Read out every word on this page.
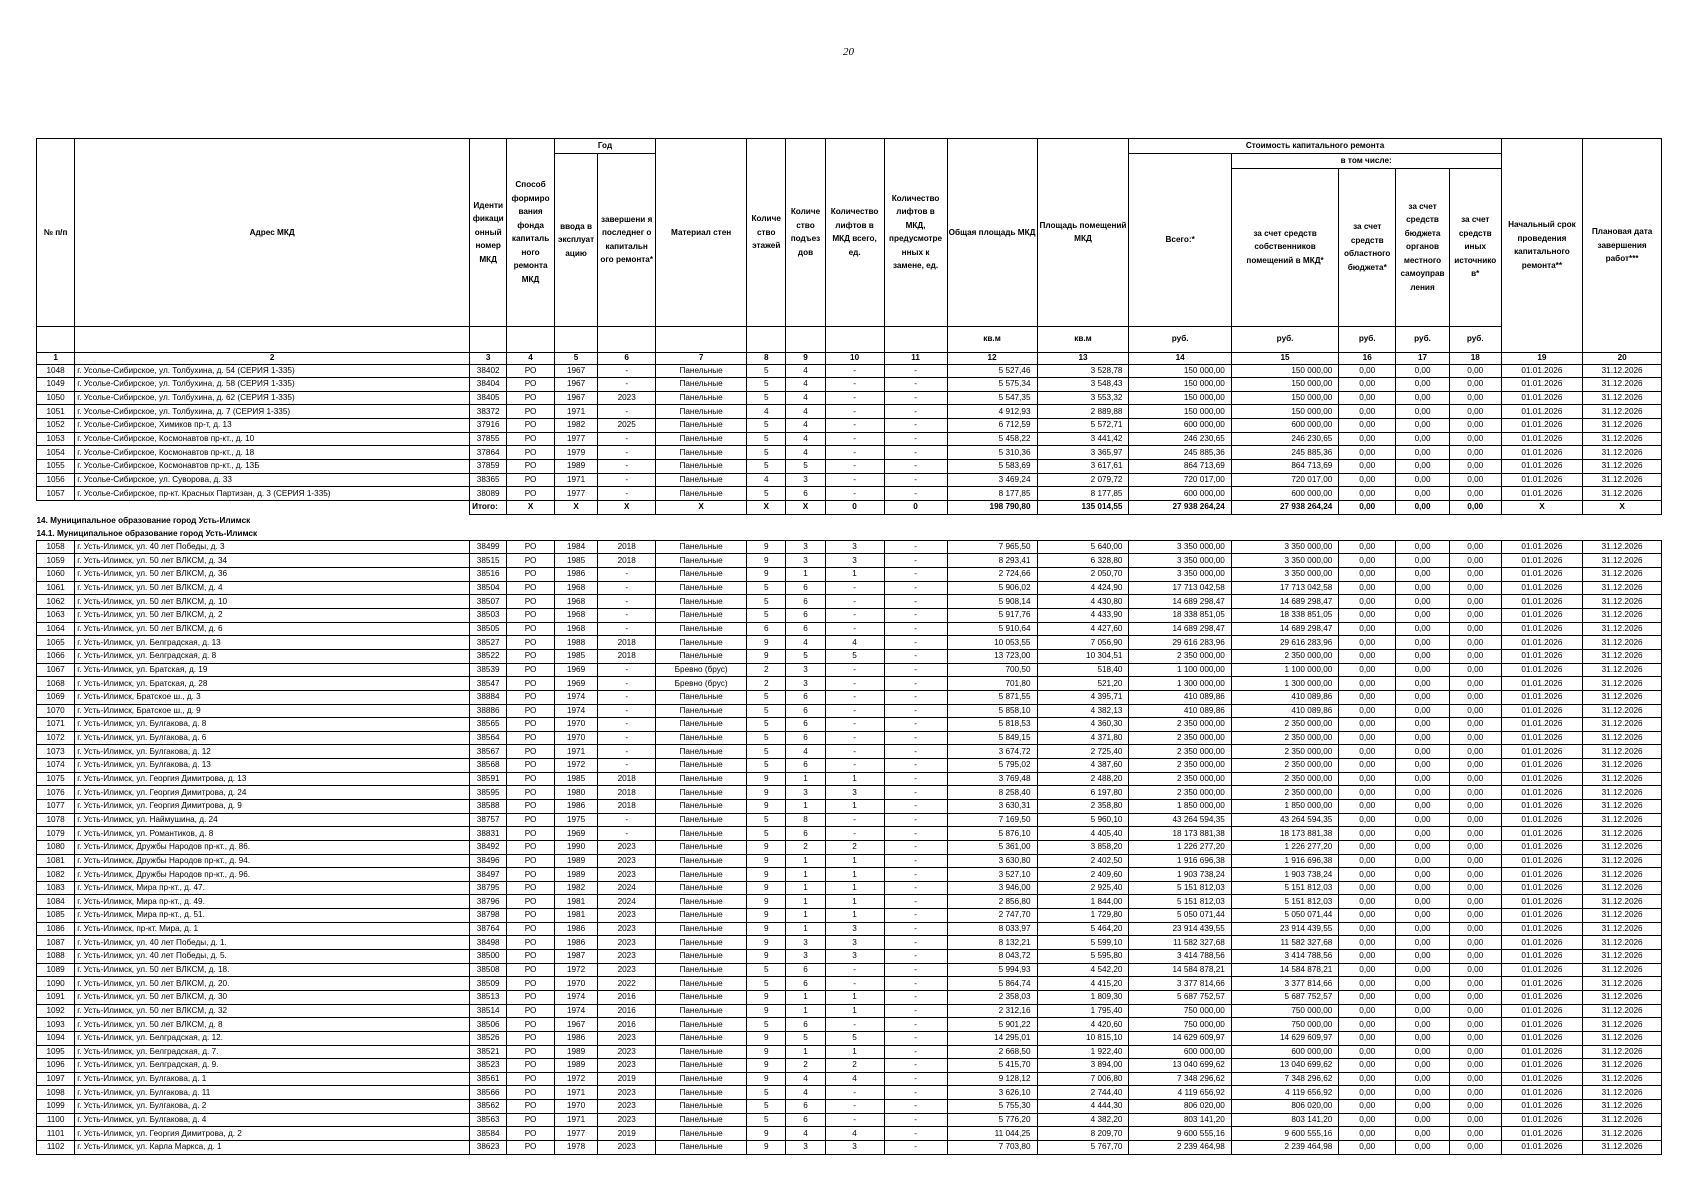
20
№ п/п	Адрес МКД	Иденти фикаци онный номер МКД	Способ формиро вания фонда капиталь ного ремонта МКД	Год		Материал стен	Количе ство этажей	Количе ство подъез дов	Количество лифтов в МКД всего, ед.	Количество лифтов в МКД, предусмотре нных к замене, ед.	Общая площадь МКД	Площадь помещений МКД	Стоимость капитального ремонта					Начальный срок проведения капитального ремонта**	Плановая дата завершения работ***
				ввода в эксплуат ацию	завершени я последнег о капитальн ого ремонта*								Всего:*	в том числе:					
														за счет средств собственников помещений в МКД*	за счет средств областного бюджета*	за счет средств бюджета органов местного самоуправ ления	за счет средств иных источнико в*		
											кв.м	кв.м	руб.	руб.	руб.	руб.	руб.		
1	2	3	4	5	6	7	8	9	10	11	12	13	14	15	16	17	18	19	20
1048	г. Усолье-Сибирское, ул. Толбухина, д. 54 (СЕРИЯ 1-335)	38402	РО	1967	-	Панельные	5	4	-	-	5 527,46	3 528,78	150 000,00	150 000,00	0,00	0,00	0,00	01.01.2026	31.12.2026
1049	г. Усолье-Сибирское, ул. Толбухина, д. 58 (СЕРИЯ 1-335)	38404	РО	1967	-	Панельные	5	4	-	-	5 575,34	3 548,43	150 000,00	150 000,00	0,00	0,00	0,00	01.01.2026	31.12.2026
1050	г. Усолье-Сибирское, ул. Толбухина, д. 62 (СЕРИЯ 1-335)	38405	РО	1967	2023	Панельные	5	4	-	-	5 547,35	3 553,32	150 000,00	150 000,00	0,00	0,00	0,00	01.01.2026	31.12.2026
1051	г. Усолье-Сибирское, ул. Толбухина, д. 7 (СЕРИЯ 1-335)	38372	РО	1971	-	Панельные	4	4	-	-	4 912,93	2 889,88	150 000,00	150 000,00	0,00	0,00	0,00	01.01.2026	31.12.2026
1052	г. Усолье-Сибирское, Химиков пр-т, д. 13	37916	РО	1982	2025	Панельные	5	4	-	-	6 712,59	5 572,71	600 000,00	600 000,00	0,00	0,00	0,00	01.01.2026	31.12.2026
1053	г. Усолье-Сибирское, Космонавтов пр-кт., д. 10	37855	РО	1977	-	Панельные	5	4	-	-	5 458,22	3 441,42	246 230,65	246 230,65	0,00	0,00	0,00	01.01.2026	31.12.2026
1054	г. Усолье-Сибирское, Космонавтов пр-кт., д. 18	37864	РО	1979	-	Панельные	5	4	-	-	5 310,36	3 365,97	245 885,36	245 885,36	0,00	0,00	0,00	01.01.2026	31.12.2026
1055	г. Усолье-Сибирское, Космонавтов пр-кт., д. 13Б	37859	РО	1989	-	Панельные	5	5	-	-	5 583,69	3 617,61	864 713,69	864 713,69	0,00	0,00	0,00	01.01.2026	31.12.2026
1056	г. Усолье-Сибирское, ул. Суворова, д. 33	38365	РО	1971	-	Панельные	4	3	-	-	3 469,24	2 079,72	720 017,00	720 017,00	0,00	0,00	0,00	01.01.2026	31.12.2026
1057	г. Усолье-Сибирское, пр-кт. Красных Партизан, д. 3 (СЕРИЯ 1-335)	38089	РО	1977	-	Панельные	5	6	-	-	8 177,85	8 177,85	600 000,00	600 000,00	0,00	0,00	0,00	01.01.2026	31.12.2026
		Итого:	X	X	X	X	X	X	0	0	198 790,80	135 014,55	27 938 264,24	27 938 264,24	0,00	0,00	0,00	X	X
14. Муниципальное образование город Усть-Илимск																			
14.1. Муниципальное образование город Усть-Илимск																			
1058	г. Усть-Илимск, ул. 40 лет Победы, д. 3	38499	РО	1984	2018	Панельные	9	3	3	-	7 965,50	5 640,00	3 350 000,00	3 350 000,00	0,00	0,00	0,00	01.01.2026	31.12.2026
1059	г. Усть-Илимск, ул. 50 лет ВЛКСМ, д. 34	38515	РО	1985	2018	Панельные	9	3	3	-	8 293,41	6 328,80	3 350 000,00	3 350 000,00	0,00	0,00	0,00	01.01.2026	31.12.2026
1060	г. Усть-Илимск, ул. 50 лет ВЛКСМ, д. 36	38516	РО	1986	-	Панельные	9	1	1	-	2 724,66	2 050,70	3 350 000,00	3 350 000,00	0,00	0,00	0,00	01.01.2026	31.12.2026
1061	г. Усть-Илимск, ул. 50 лет ВЛКСМ, д. 4	38504	РО	1968	-	Панельные	5	6	-	-	5 906,02	4 424,90	17 713 042,58	17 713 042,58	0,00	0,00	0,00	01.01.2026	31.12.2026
1062	г. Усть-Илимск, ул. 50 лет ВЛКСМ, д. 10	38507	РО	1968	-	Панельные	5	6	-	-	5 908,14	4 430,80	14 689 298,47	14 689 298,47	0,00	0,00	0,00	01.01.2026	31.12.2026
1063	г. Усть-Илимск, ул. 50 лет ВЛКСМ, д. 2	38503	РО	1968	-	Панельные	5	6	-	-	5 917,76	4 433,90	18 338 851,05	18 338 851,05	0,00	0,00	0,00	01.01.2026	31.12.2026
1064	г. Усть-Илимск, ул. 50 лет ВЛКСМ, д. 6	38505	РО	1968	-	Панельные	6	6	-	-	5 910,64	4 427,60	14 689 298,47	14 689 298,47	0,00	0,00	0,00	01.01.2026	31.12.2026
1065	г. Усть-Илимск, ул. Белградская, д. 13	38527	РО	1988	2018	Панельные	9	4	4	-	10 053,55	7 056,90	29 616 283,96	29 616 283,96	0,00	0,00	0,00	01.01.2026	31.12.2026
1066	г. Усть-Илимск, ул. Белградская, д. 8	38522	РО	1985	2018	Панельные	9	5	5	-	13 723,00	10 304,51	2 350 000,00	2 350 000,00	0,00	0,00	0,00	01.01.2026	31.12.2026
1067	г. Усть-Илимск, ул. Братская, д. 19	38539	РО	1969	-	Бревно (брус)	2	3	-	-	700,50	518,40	1 100 000,00	1 100 000,00	0,00	0,00	0,00	01.01.2026	31.12.2026
1068	г. Усть-Илимск, ул. Братская, д. 28	38547	РО	1969	-	Бревно (брус)	2	3	-	-	701,80	521,20	1 300 000,00	1 300 000,00	0,00	0,00	0,00	01.01.2026	31.12.2026
1069	г. Усть-Илимск, Братское ш., д. 3	38884	РО	1974	-	Панельные	5	6	-	-	5 871,55	4 395,71	410 089,86	410 089,86	0,00	0,00	0,00	01.01.2026	31.12.2026
1070	г. Усть-Илимск, Братское ш., д. 9	38886	РО	1974	-	Панельные	5	6	-	-	5 858,10	4 382,13	410 089,86	410 089,86	0,00	0,00	0,00	01.01.2026	31.12.2026
1071	г. Усть-Илимск, ул. Булгакова, д. 8	38565	РО	1970	-	Панельные	5	6	-	-	5 818,53	4 360,30	2 350 000,00	2 350 000,00	0,00	0,00	0,00	01.01.2026	31.12.2026
1072	г. Усть-Илимск, ул. Булгакова, д. 6	38564	РО	1970	-	Панельные	5	6	-	-	5 849,15	4 371,80	2 350 000,00	2 350 000,00	0,00	0,00	0,00	01.01.2026	31.12.2026
1073	г. Усть-Илимск, ул. Булгакова, д. 12	38567	РО	1971	-	Панельные	5	4	-	-	3 674,72	2 725,40	2 350 000,00	2 350 000,00	0,00	0,00	0,00	01.01.2026	31.12.2026
1074	г. Усть-Илимск, ул. Булгакова, д. 13	38568	РО	1972	-	Панельные	5	6	-	-	5 795,02	4 387,60	2 350 000,00	2 350 000,00	0,00	0,00	0,00	01.01.2026	31.12.2026
1075	г. Усть-Илимск, ул. Георгия Димитрова, д. 13	38591	РО	1985	2018	Панельные	9	1	1	-	3 769,48	2 488,20	2 350 000,00	2 350 000,00	0,00	0,00	0,00	01.01.2026	31.12.2026
1076	г. Усть-Илимск, ул. Георгия Димитрова, д. 24	38595	РО	1980	2018	Панельные	9	3	3	-	8 258,40	6 197,80	2 350 000,00	2 350 000,00	0,00	0,00	0,00	01.01.2026	31.12.2026
1077	г. Усть-Илимск, ул. Георгия Димитрова, д. 9	38588	РО	1986	2018	Панельные	9	1	1	-	3 630,31	2 358,80	1 850 000,00	1 850 000,00	0,00	0,00	0,00	01.01.2026	31.12.2026
1078	г. Усть-Илимск, ул. Наймушина, д. 24	38757	РО	1975	-	Панельные	5	8	-	-	7 169,50	5 960,10	43 264 594,35	43 264 594,35	0,00	0,00	0,00	01.01.2026	31.12.2026
1079	г. Усть-Илимск, ул. Романтиков, д. 8	38831	РО	1969	-	Панельные	5	6	-	-	5 876,10	4 405,40	18 173 881,38	18 173 881,38	0,00	0,00	0,00	01.01.2026	31.12.2026
1080	г. Усть-Илимск, Дружбы Народов пр-кт., д. 86.	38492	РО	1990	2023	Панельные	9	2	2	-	5 361,00	3 858,20	1 226 277,20	1 226 277,20	0,00	0,00	0,00	01.01.2026	31.12.2026
1081	г. Усть-Илимск, Дружбы Народов пр-кт., д. 94.	38496	РО	1989	2023	Панельные	9	1	1	-	3 630,80	2 402,50	1 916 696,38	1 916 696,38	0,00	0,00	0,00	01.01.2026	31.12.2026
1082	г. Усть-Илимск, Дружбы Народов пр-кт., д. 96.	38497	РО	1989	2023	Панельные	9	1	1	-	3 527,10	2 409,60	1 903 738,24	1 903 738,24	0,00	0,00	0,00	01.01.2026	31.12.2026
1083	г. Усть-Илимск, Мира пр-кт., д. 47.	38795	РО	1982	2024	Панельные	9	1	1	-	3 946,00	2 925,40	5 151 812,03	5 151 812,03	0,00	0,00	0,00	01.01.2026	31.12.2026
1084	г. Усть-Илимск, Мира пр-кт., д. 49.	38796	РО	1981	2024	Панельные	9	1	1	-	2 856,80	1 844,00	5 151 812,03	5 151 812,03	0,00	0,00	0,00	01.01.2026	31.12.2026
1085	г. Усть-Илимск, Мира пр-кт., д. 51.	38798	РО	1981	2023	Панельные	9	1	1	-	2 747,70	1 729,80	5 050 071,44	5 050 071,44	0,00	0,00	0,00	01.01.2026	31.12.2026
1086	г. Усть-Илимск, пр-кт. Мира, д. 1	38764	РО	1986	2023	Панельные	9	1	3	-	8 033,97	5 464,20	23 914 439,55	23 914 439,55	0,00	0,00	0,00	01.01.2026	31.12.2026
1087	г. Усть-Илимск, ул. 40 лет Победы, д. 1.	38498	РО	1986	2023	Панельные	9	3	3	-	8 132,21	5 599,10	11 582 327,68	11 582 327,68	0,00	0,00	0,00	01.01.2026	31.12.2026
1088	г. Усть-Илимск, ул. 40 лет Победы, д. 5.	38500	РО	1987	2023	Панельные	9	3	3	-	8 043,72	5 595,80	3 414 788,56	3 414 788,56	0,00	0,00	0,00	01.01.2026	31.12.2026
1089	г. Усть-Илимск, ул. 50 лет ВЛКСМ, д. 18.	38508	РО	1972	2023	Панельные	5	6	-	-	5 994,93	4 542,20	14 584 878,21	14 584 878,21	0,00	0,00	0,00	01.01.2026	31.12.2026
1090	г. Усть-Илимск, ул. 50 лет ВЛКСМ, д. 20.	38509	РО	1970	2022	Панельные	5	6	-	-	5 864,74	4 415,20	3 377 814,66	3 377 814,66	0,00	0,00	0,00	01.01.2026	31.12.2026
1091	г. Усть-Илимск, ул. 50 лет ВЛКСМ, д. 30	38513	РО	1974	2016	Панельные	9	1	1	-	2 358,03	1 809,30	5 687 752,57	5 687 752,57	0,00	0,00	0,00	01.01.2026	31.12.2026
1092	г. Усть-Илимск, ул. 50 лет ВЛКСМ, д. 32	38514	РО	1974	2016	Панельные	9	1	1	-	2 312,16	1 795,40	750 000,00	750 000,00	0,00	0,00	0,00	01.01.2026	31.12.2026
1093	г. Усть-Илимск, ул. 50 лет ВЛКСМ, д. 8	38506	РО	1967	2016	Панельные	5	6	-	-	5 901,22	4 420,60	750 000,00	750 000,00	0,00	0,00	0,00	01.01.2026	31.12.2026
1094	г. Усть-Илимск, ул. Белградская, д. 12.	38526	РО	1986	2023	Панельные	9	5	5	-	14 295,01	10 815,10	14 629 609,97	14 629 609,97	0,00	0,00	0,00	01.01.2026	31.12.2026
1095	г. Усть-Илимск, ул. Белградская, д. 7.	38521	РО	1989	2023	Панельные	9	1	1	-	2 668,50	1 922,40	600 000,00	600 000,00	0,00	0,00	0,00	01.01.2026	31.12.2026
1096	г. Усть-Илимск, ул. Белградская, д. 9.	38523	РО	1989	2023	Панельные	9	2	2	-	5 415,70	3 894,00	13 040 699,62	13 040 699,62	0,00	0,00	0,00	01.01.2026	31.12.2026
1097	г. Усть-Илимск, ул. Булгакова, д. 1	38561	РО	1972	2019	Панельные	9	4	4	-	9 128,12	7 006,80	7 348 296,62	7 348 296,62	0,00	0,00	0,00	01.01.2026	31.12.2026
1098	г. Усть-Илимск, ул. Булгакова, д. 11	38566	РО	1971	2023	Панельные	5	4	-	-	3 626,10	2 744,40	4 119 656,92	4 119 656,92	0,00	0,00	0,00	01.01.2026	31.12.2026
1099	г. Усть-Илимск, ул. Булгакова, д. 2	38562	РО	1970	2023	Панельные	5	6	-	-	5 755,30	4 444,30	806 020,00	806 020,00	0,00	0,00	0,00	01.01.2026	31.12.2026
1100	г. Усть-Илимск, ул. Булгакова, д. 4	38563	РО	1971	2023	Панельные	5	6	-	-	5 776,20	4 382,20	803 141,20	803 141,20	0,00	0,00	0,00	01.01.2026	31.12.2026
1101	г. Усть-Илимск, ул. Георгия Димитрова, д. 2	38584	РО	1977	2019	Панельные	9	4	4	-	11 044,25	8 209,70	9 600 555,16	9 600 555,16	0,00	0,00	0,00	01.01.2026	31.12.2026
1102	г. Усть-Илимск, ул. Карла Маркса, д. 1	38623	РО	1978	2023	Панельные	9	3	3	-	7 703,80	5 767,70	2 239 464,98	2 239 464,98	0,00	0,00	0,00	01.01.2026	31.12.2026
